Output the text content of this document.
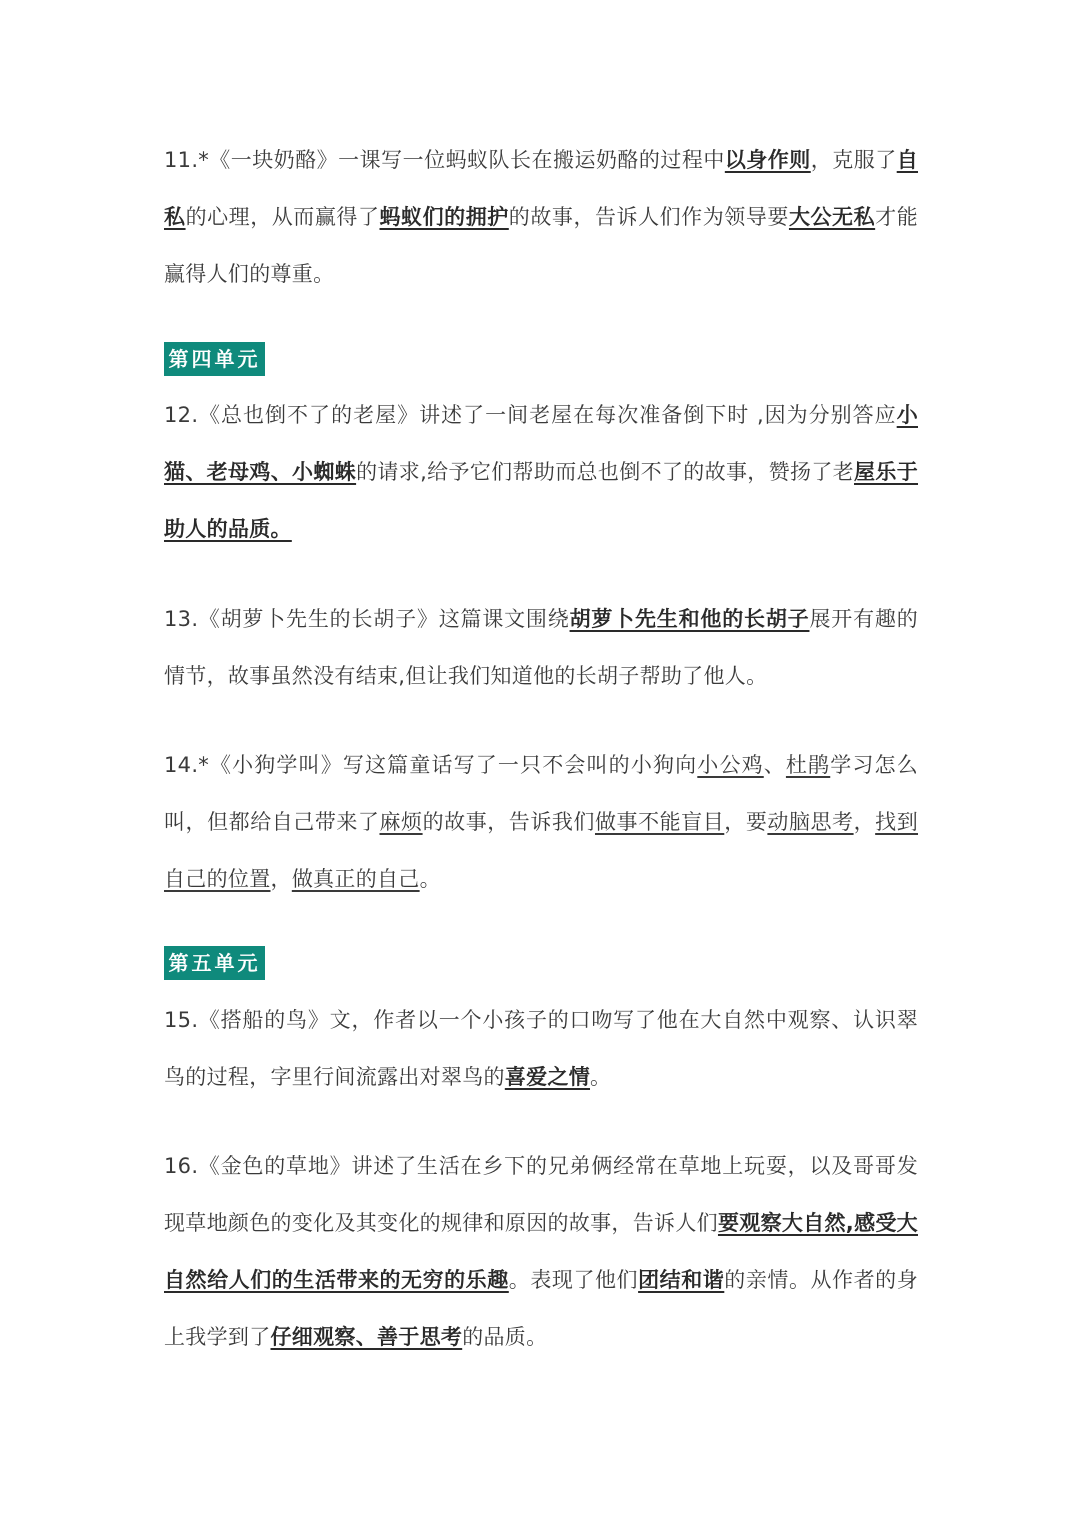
11.*《一块奶酪》一课写一位蚂蚁队长在搬运奶酪的过程中以身作则，克服了自私的心理，从而赢得了蚂蚁们的拥护的故事，告诉人们作为领导要大公无私才能赢得人们的尊重。

第四单元

12.《总也倒不了的老屋》讲述了一间老屋在每次准备倒下时 ,因为分别答应小猫、老母鸡、小蜘蛛的请求,给予它们帮助而总也倒不了的故事，赞扬了老屋乐于助人的品质。

13.《胡萝卜先生的长胡子》这篇课文围绕胡萝卜先生和他的长胡子展开有趣的情节，故事虽然没有结束,但让我们知道他的长胡子帮助了他人。

14.*《小狗学叫》写这篇童话写了一只不会叫的小狗向小公鸡、杜鹃学习怎么叫，但都给自己带来了麻烦的故事，告诉我们做事不能盲目，要动脑思考，找到自己的位置，做真正的自己。

第五单元

15.《搭船的鸟》文，作者以一个小孩子的口吻写了他在大自然中观察、认识翠鸟的过程，字里行间流露出对翠鸟的喜爱之情。

16.《金色的草地》讲述了生活在乡下的兄弟俩经常在草地上玩耍，以及哥哥发现草地颜色的变化及其变化的规律和原因的故事，告诉人们要观察大自然,感受大自然给人们的生活带来的无穷的乐趣。表现了他们团结和谐的亲情。从作者的身上我学到了仔细观察、善于思考的品质。
